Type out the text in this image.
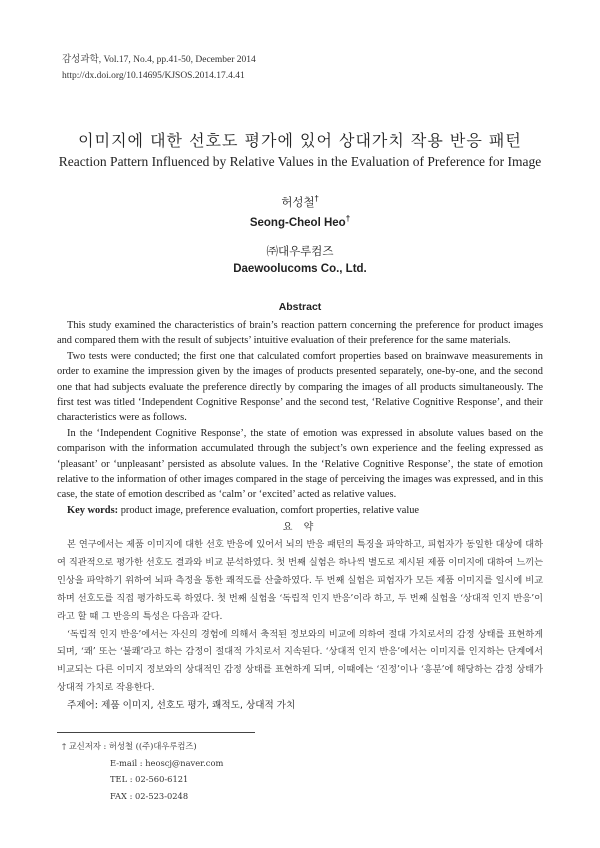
감성과학, Vol.17, No.4, pp.41-50, December 2014
http://dx.doi.org/10.14695/KJSOS.2014.17.4.41
이미지에 대한 선호도 평가에 있어 상대가치 작용 반응 패턴
Reaction Pattern Influenced by Relative Values in the Evaluation of Preference for Image
허성철†
Seong-Cheol Heo†
㈜대우루컴즈
Daewoolucoms Co., Ltd.
Abstract

This study examined the characteristics of brain’s reaction pattern concerning the preference for product images and compared them with the result of subjects’ intuitive evaluation of their preference for the same materials.

Two tests were conducted; the first one that calculated comfort properties based on brainwave measurements in order to examine the impression given by the images of products presented separately, one-by-one, and the second one that had subjects evaluate the preference directly by comparing the images of all products simultaneously. The first test was titled ‘Independent Cognitive Response’ and the second test, ‘Relative Cognitive Response’, and their characteristics were as follows.

In the ‘Independent Cognitive Response’, the state of emotion was expressed in absolute values based on the comparison with the information accumulated through the subject’s own experience and the feeling expressed as ‘pleasant’ or ‘unpleasant’ persisted as absolute values. In the ‘Relative Cognitive Response’, the state of emotion relative to the information of other images compared in the stage of perceiving the images was expressed, and in this case, the state of emotion described as ‘calm’ or ‘excited’ acted as relative values.

Key words: product image, preference evaluation, comfort properties, relative value

요 약

본 연구에서는 제품 이미지에 대한 선호 반응에 있어서 뇌의 반응 패턴의 특징을 파악하고, 피험자가 동일한 대상에 대하여 직관적으로 평가한 선호도 결과와 비교 분석하였다. 첫 번째 실험은 하나씩 별도로 제시된 제품 이미지에 대하여 느끼는 인상을 파악하기 위하여 뇌파 측정을 통한 쾌적도를 산출하였다. 두 번째 실험은 피험자가 모든 제품 이미지를 일시에 비교하며 선호도를 직접 평가하도록 하였다. 첫 번째 실험을 ‘독립적 인지 반응’이라 하고, 두 번째 실험을 ‘상대적 인지 반응’이라고 할 때 그 반응의 특성은 다음과 같다.

‘독립적 인지 반응’에서는 자신의 경험에 의해서 축적된 정보와의 비교에 의하여 절대 가치로서의 감정 상태를 표현하게 되며, ‘쾌’ 또는 ‘불쾌’라고 하는 감정이 절대적 가치로서 지속된다. ‘상대적 인지 반응’에서는 이미지를 인지하는 단계에서 비교되는 다른 이미지 정보와의 상대적인 감정 상태를 표현하게 되며, 이때에는 ‘진정’이나 ‘흥분’에 해당하는 감정 상태가 상대적 가치로 작용한다.

주제어: 제품 이미지, 선호도 평가, 쾌적도, 상대적 가치

† 교신저자 : 허성철 ((주)대우루컴즈)
E-mail : heoscj@naver.com
TEL : 02-560-6121
FAX : 02-523-0248
